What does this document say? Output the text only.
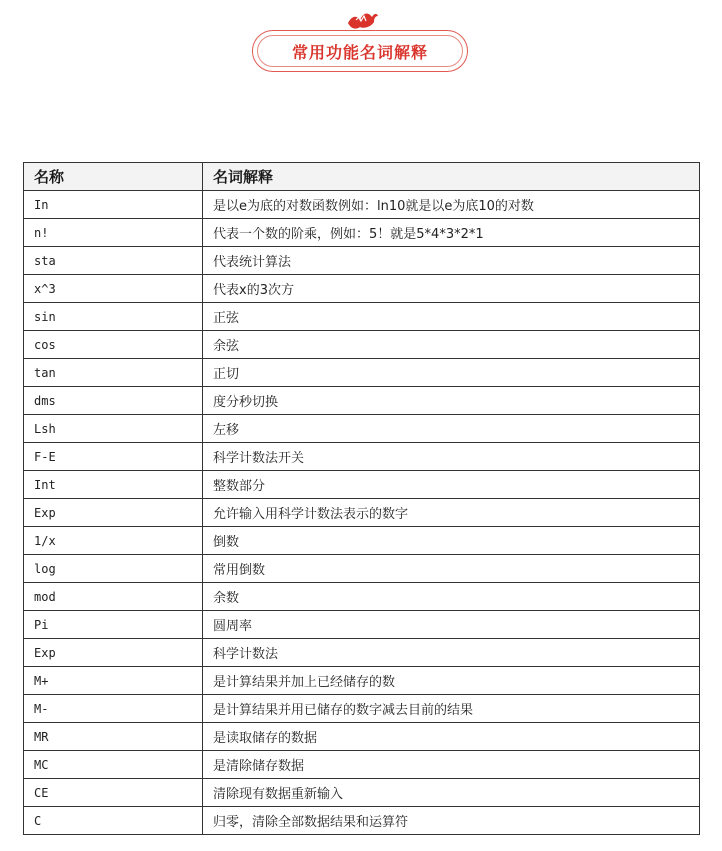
常用功能名词解释
名称	名词解释
In	是以e为底的对数函数例如：ln10就是以e为底10的对数
n!	代表一个数的阶乘，例如：5！就是5*4*3*2*1
sta	代表统计算法
x^3	代表x的3次方
sin	正弦
cos	余弦
tan	正切
dms	度分秒切换
Lsh	左移
F-E	科学计数法开关
Int	整数部分
Exp	允许输入用科学计数法表示的数字
1/x	倒数
log	常用倒数
mod	余数
Pi	圆周率
Exp	科学计数法
M+	是计算结果并加上已经储存的数
M-	是计算结果并用已储存的数字减去目前的结果
MR	是读取储存的数据
MC	是清除储存数据
CE	清除现有数据重新输入
C	归零，清除全部数据结果和运算符
